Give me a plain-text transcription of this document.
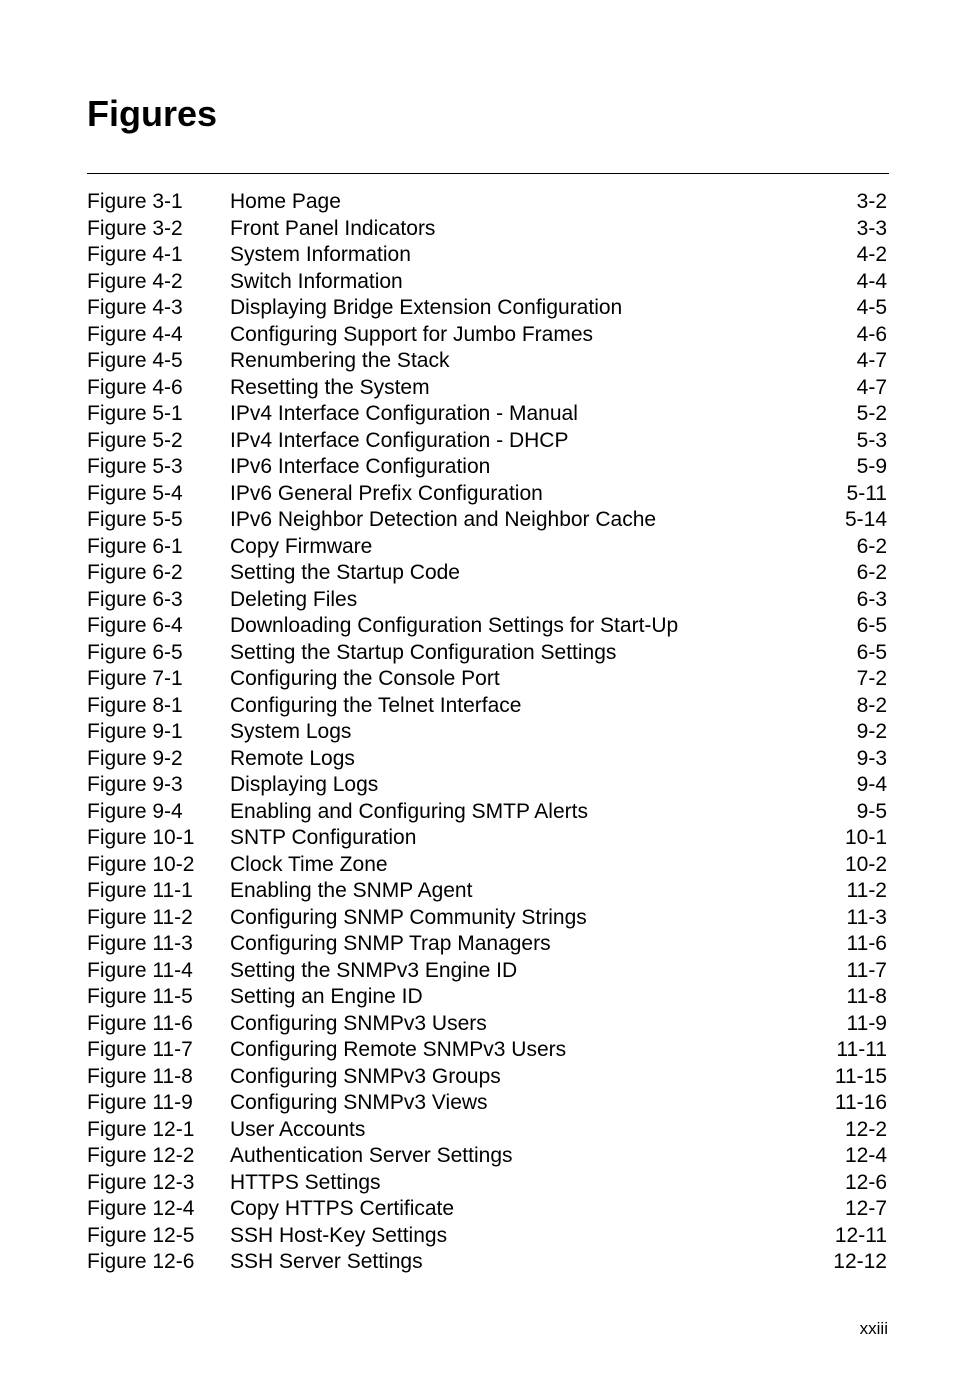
Figures
Figure 3-1 Home Page	3-2
Figure 3-2 Front Panel Indicators	3-3
Figure 4-1 System Information	4-2
Figure 4-2 Switch Information	4-4
Figure 4-3 Displaying Bridge Extension Configuration	4-5
Figure 4-4 Configuring Support for Jumbo Frames	4-6
Figure 4-5 Renumbering the Stack	4-7
Figure 4-6 Resetting the System	4-7
Figure 5-1 IPv4 Interface Configuration - Manual	5-2
Figure 5-2 IPv4 Interface Configuration - DHCP	5-3
Figure 5-3 IPv6 Interface Configuration	5-9
Figure 5-4 IPv6 General Prefix Configuration	5-11
Figure 5-5 IPv6 Neighbor Detection and Neighbor Cache	5-14
Figure 6-1 Copy Firmware	6-2
Figure 6-2 Setting the Startup Code	6-2
Figure 6-3 Deleting Files	6-3
Figure 6-4 Downloading Configuration Settings for Start-Up	6-5
Figure 6-5 Setting the Startup Configuration Settings	6-5
Figure 7-1 Configuring the Console Port	7-2
Figure 8-1 Configuring the Telnet Interface	8-2
Figure 9-1 System Logs	9-2
Figure 9-2 Remote Logs	9-3
Figure 9-3 Displaying Logs	9-4
Figure 9-4 Enabling and Configuring SMTP Alerts	9-5
Figure 10-1 SNTP Configuration	10-1
Figure 10-2 Clock Time Zone	10-2
Figure 11-1 Enabling the SNMP Agent	11-2
Figure 11-2 Configuring SNMP Community Strings	11-3
Figure 11-3 Configuring SNMP Trap Managers	11-6
Figure 11-4 Setting the SNMPv3 Engine ID	11-7
Figure 11-5 Setting an Engine ID	11-8
Figure 11-6 Configuring SNMPv3 Users	11-9
Figure 11-7 Configuring Remote SNMPv3 Users	11-11
Figure 11-8 Configuring SNMPv3 Groups	11-15
Figure 11-9 Configuring SNMPv3 Views	11-16
Figure 12-1 User Accounts	12-2
Figure 12-2 Authentication Server Settings	12-4
Figure 12-3 HTTPS Settings	12-6
Figure 12-4 Copy HTTPS Certificate	12-7
Figure 12-5 SSH Host-Key Settings	12-11
Figure 12-6 SSH Server Settings	12-12
xxiii
